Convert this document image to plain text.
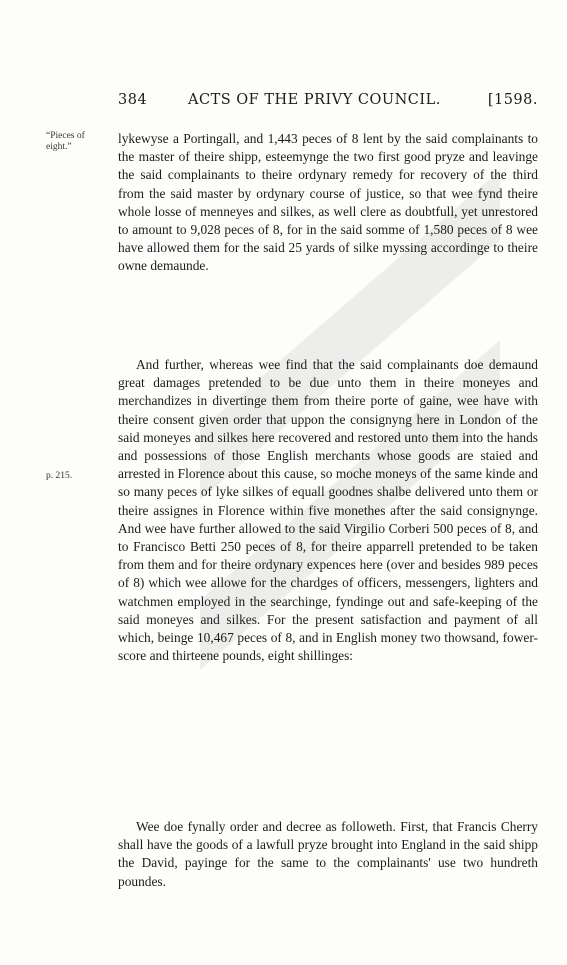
384	ACTS OF THE PRIVY COUNCIL.	[1598.
“Pieces of eight.”
p. 215.

lykewyse a Portingall, and 1,443 peces of 8 lent by the said complainants to the master of theire shipp, esteemynge the two first good pryze and leavinge the said complainants to theire ordynary remedy for recovery of the third from the said master by ordynary course of justice, so that wee fynd theire whole losse of menneyes and silkes, as well clere as doubtfull, yet unrestored to amount to 9,028 peces of 8, for in the said somme of 1,580 peces of 8 wee have allowed them for the said 25 yards of silke myssing accordinge to theire owne demaunde.

And further, whereas wee find that the said complainants doe demaund great damages pretended to be due unto them in theire moneyes and merchandizes in divertinge them from theire porte of gaine, wee have with theire consent given order that uppon the consignyng here in London of the said moneyes and silkes here recovered and restored unto them into the hands and possessions of those English merchants whose goods are staied and arrested in Florence about this cause, so moche moneys of the same kinde and so many peces of lyke silkes of equall goodnes shalbe delivered unto them or theire assignes in Florence within five monethes after the said consignynge. And wee have further allowed to the said Virgilio Corberi 500 peces of 8, and to Francisco Betti 250 peces of 8, for theire apparrell pretended to be taken from them and for theire ordynary expences here (over and besides 989 peces of 8) which wee allowe for the chardges of officers, messengers, lighters and watchmen employed in the searchinge, fyndinge out and safe-keeping of the said moneyes and silkes. For the present satisfaction and payment of all which, beinge 10,467 peces of 8, and in English money two thowsand, fower-score and thirteene pounds, eight shillinges:

Wee doe fynally order and decree as followeth. First, that Francis Cherry shall have the goods of a lawfull pryze brought into England in the said shipp the David, payinge for the same to the complainants' use two hundreth poundes.
